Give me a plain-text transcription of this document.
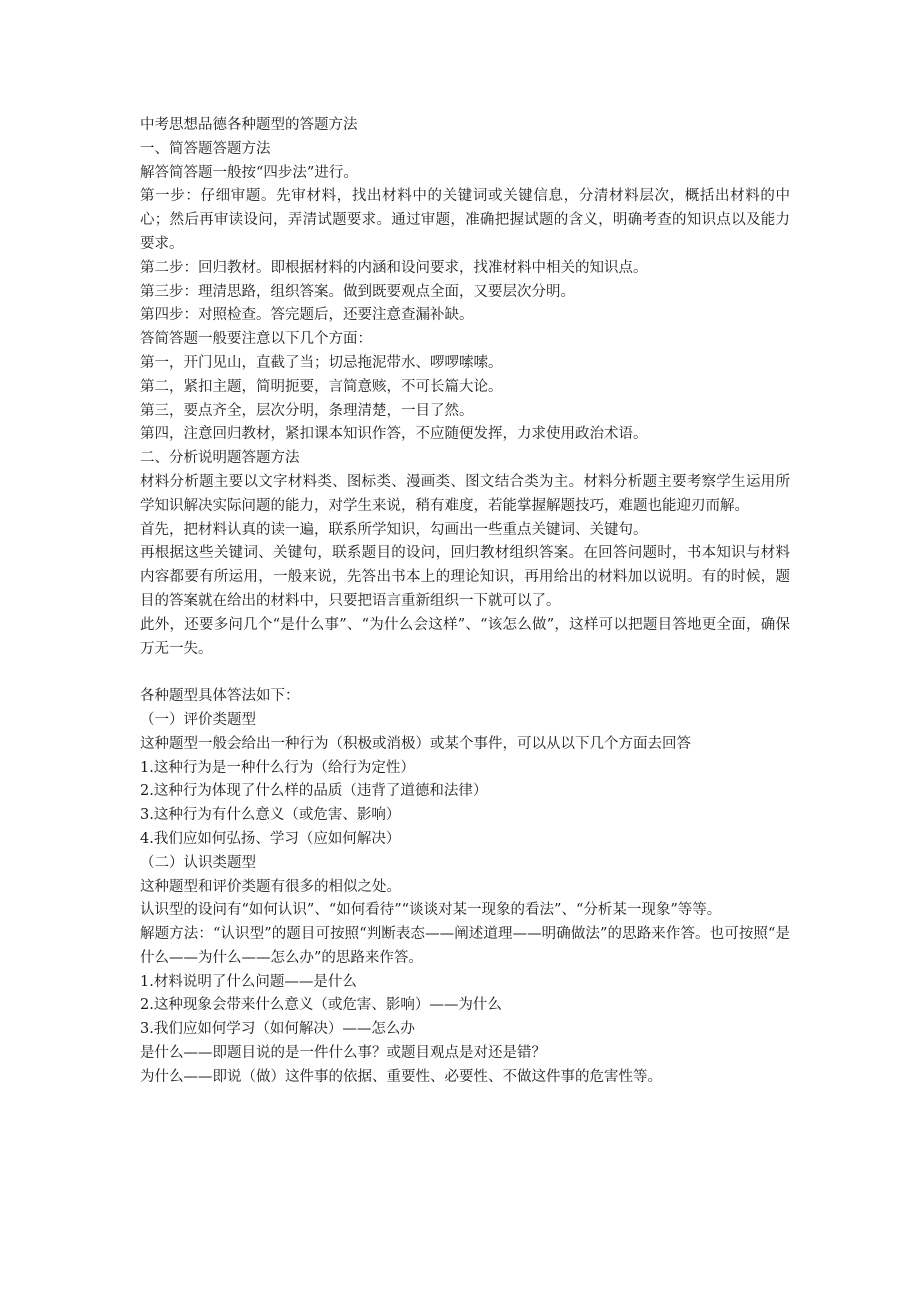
中考思想品德各种题型的答题方法

一、简答题答题方法

解答简答题一般按“四步法”进行。

第一步：仔细审题。先审材料，找出材料中的关键词或关键信息，分清材料层次，概括出材料的中心；然后再审读设问，弄清试题要求。通过审题，准确把握试题的含义，明确考查的知识点以及能力要求。

第二步：回归教材。即根据材料的内涵和设问要求，找准材料中相关的知识点。

第三步：理清思路，组织答案。做到既要观点全面，又要层次分明。

第四步：对照检查。答完题后，还要注意查漏补缺。

答简答题一般要注意以下几个方面：

第一，开门见山，直截了当；切忌拖泥带水、啰啰嗦嗦。

第二，紧扣主题，简明扼要，言简意赅，不可长篇大论。

第三，要点齐全，层次分明，条理清楚，一目了然。

第四，注意回归教材，紧扣课本知识作答，不应随便发挥，力求使用政治术语。

二、分析说明题答题方法

材料分析题主要以文字材料类、图标类、漫画类、图文结合类为主。材料分析题主要考察学生运用所学知识解决实际问题的能力，对学生来说，稍有难度，若能掌握解题技巧，难题也能迎刃而解。

首先，把材料认真的读一遍，联系所学知识，勾画出一些重点关键词、关键句。

再根据这些关键词、关键句，联系题目的设问，回归教材组织答案。在回答问题时，书本知识与材料内容都要有所运用，一般来说，先答出书本上的理论知识，再用给出的材料加以说明。有的时候，题目的答案就在给出的材料中，只要把语言重新组织一下就可以了。

此外，还要多问几个“是什么事”、“为什么会这样”、“该怎么做”，这样可以把题目答地更全面，确保万无一失。

各种题型具体答法如下：

（一）评价类题型

这种题型一般会给出一种行为（积极或消极）或某个事件，可以从以下几个方面去回答

1.这种行为是一种什么行为（给行为定性）

2.这种行为体现了什么样的品质（违背了道德和法律）

3.这种行为有什么意义（或危害、影响）

4.我们应如何弘扬、学习（应如何解决）

（二）认识类题型

这种题型和评价类题有很多的相似之处。

认识型的设问有“如何认识”、“如何看待”“谈谈对某一现象的看法”、“分析某一现象”等等。

解题方法：“认识型”的题目可按照“判断表态——阐述道理——明确做法”的思路来作答。也可按照“是什么——为什么——怎么办”的思路来作答。

1.材料说明了什么问题——是什么

2.这种现象会带来什么意义（或危害、影响）——为什么

3.我们应如何学习（如何解决）——怎么办

是什么——即题目说的是一件什么事？或题目观点是对还是错？

为什么——即说（做）这件事的依据、重要性、必要性、不做这件事的危害性等。
